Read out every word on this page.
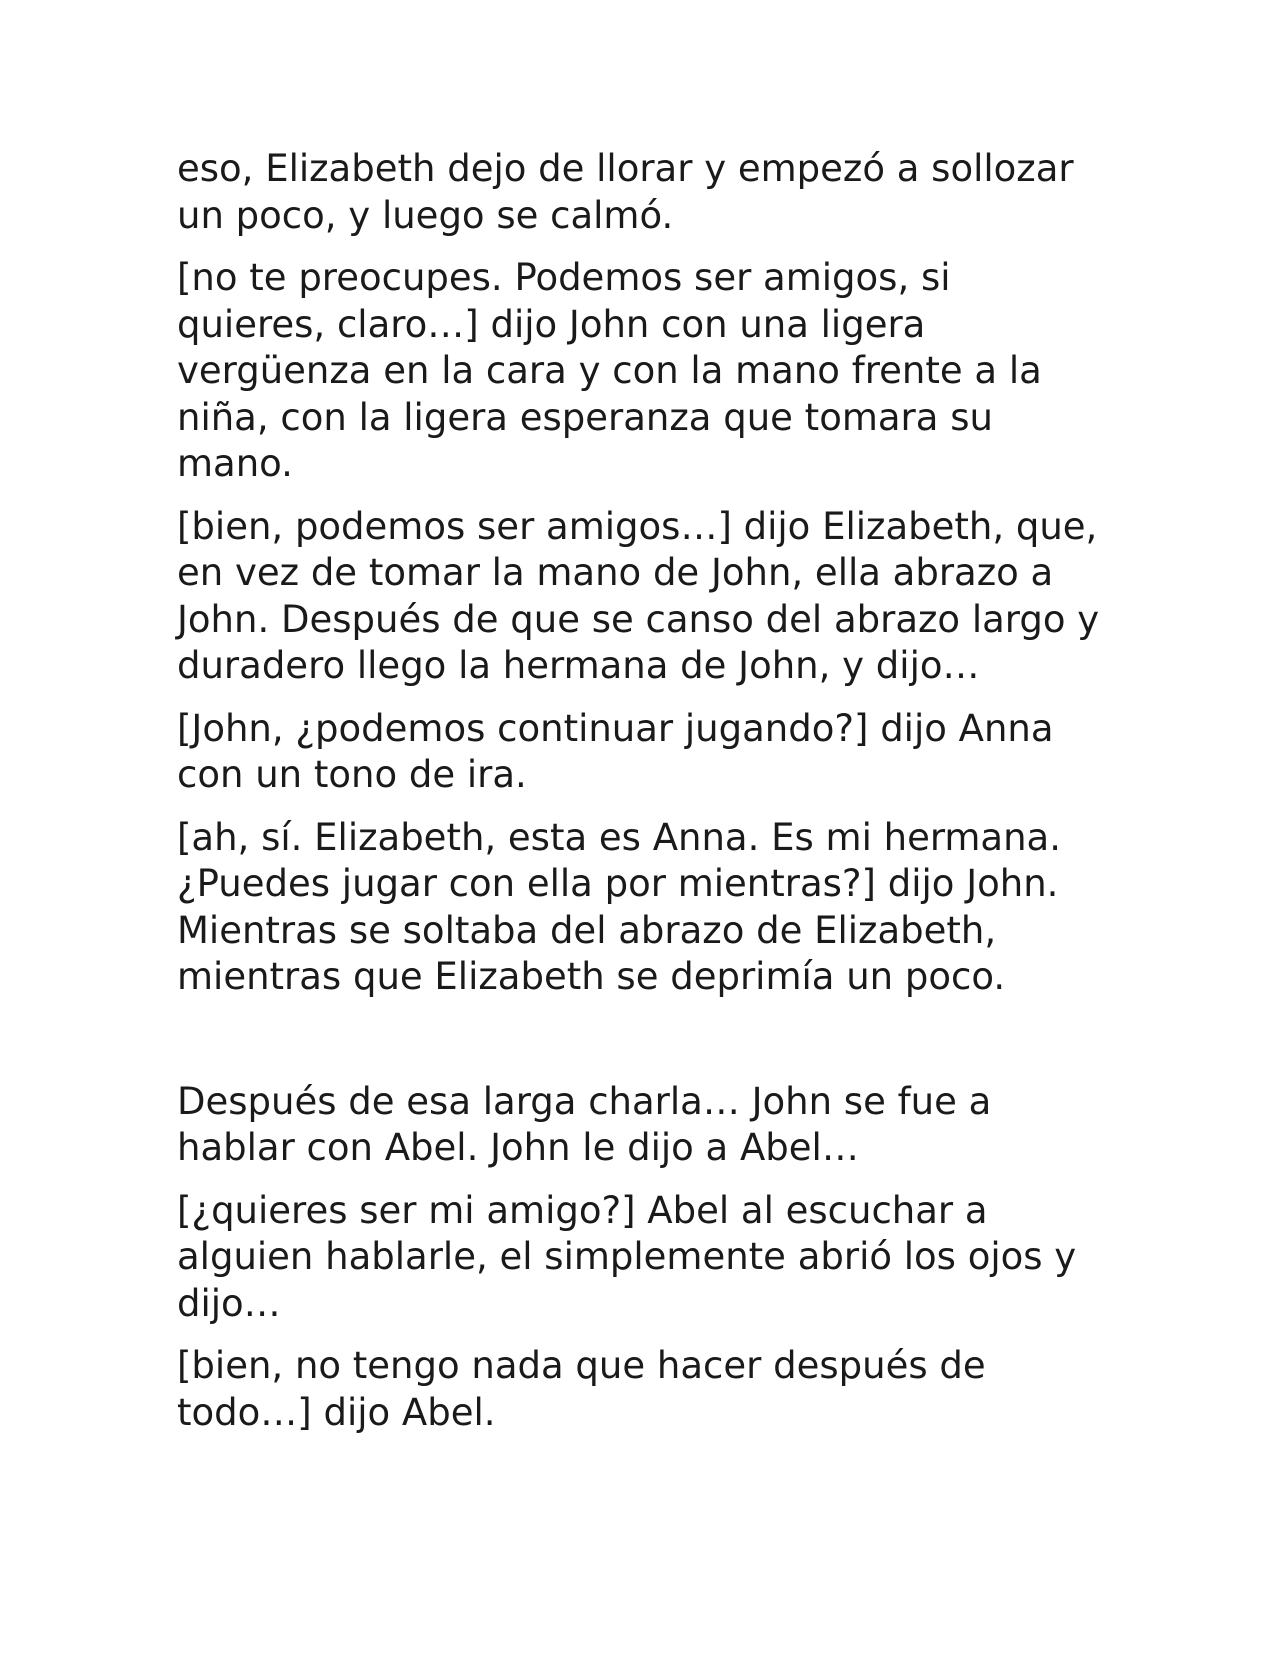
eso, Elizabeth dejo de llorar y empezó a sollozar un poco, y luego se calmó.

[no te preocupes. Podemos ser amigos, si quieres, claro…] dijo John con una ligera vergüenza en la cara y con la mano frente a la niña, con la ligera esperanza que tomara su mano.

[bien, podemos ser amigos…] dijo Elizabeth, que, en vez de tomar la mano de John, ella abrazo a John. Después de que se canso del abrazo largo y duradero llego la hermana de John, y dijo…

[John, ¿podemos continuar jugando?] dijo Anna con un tono de ira.

[ah, sí. Elizabeth, esta es Anna. Es mi hermana. ¿Puedes jugar con ella por mientras?] dijo John. Mientras se soltaba del abrazo de Elizabeth, mientras que Elizabeth se deprimía un poco.

Después de esa larga charla… John se fue a hablar con Abel. John le dijo a Abel…

[¿quieres ser mi amigo?] Abel al escuchar a alguien hablarle, el simplemente abrió los ojos y dijo…

[bien, no tengo nada que hacer después de todo…] dijo Abel.
